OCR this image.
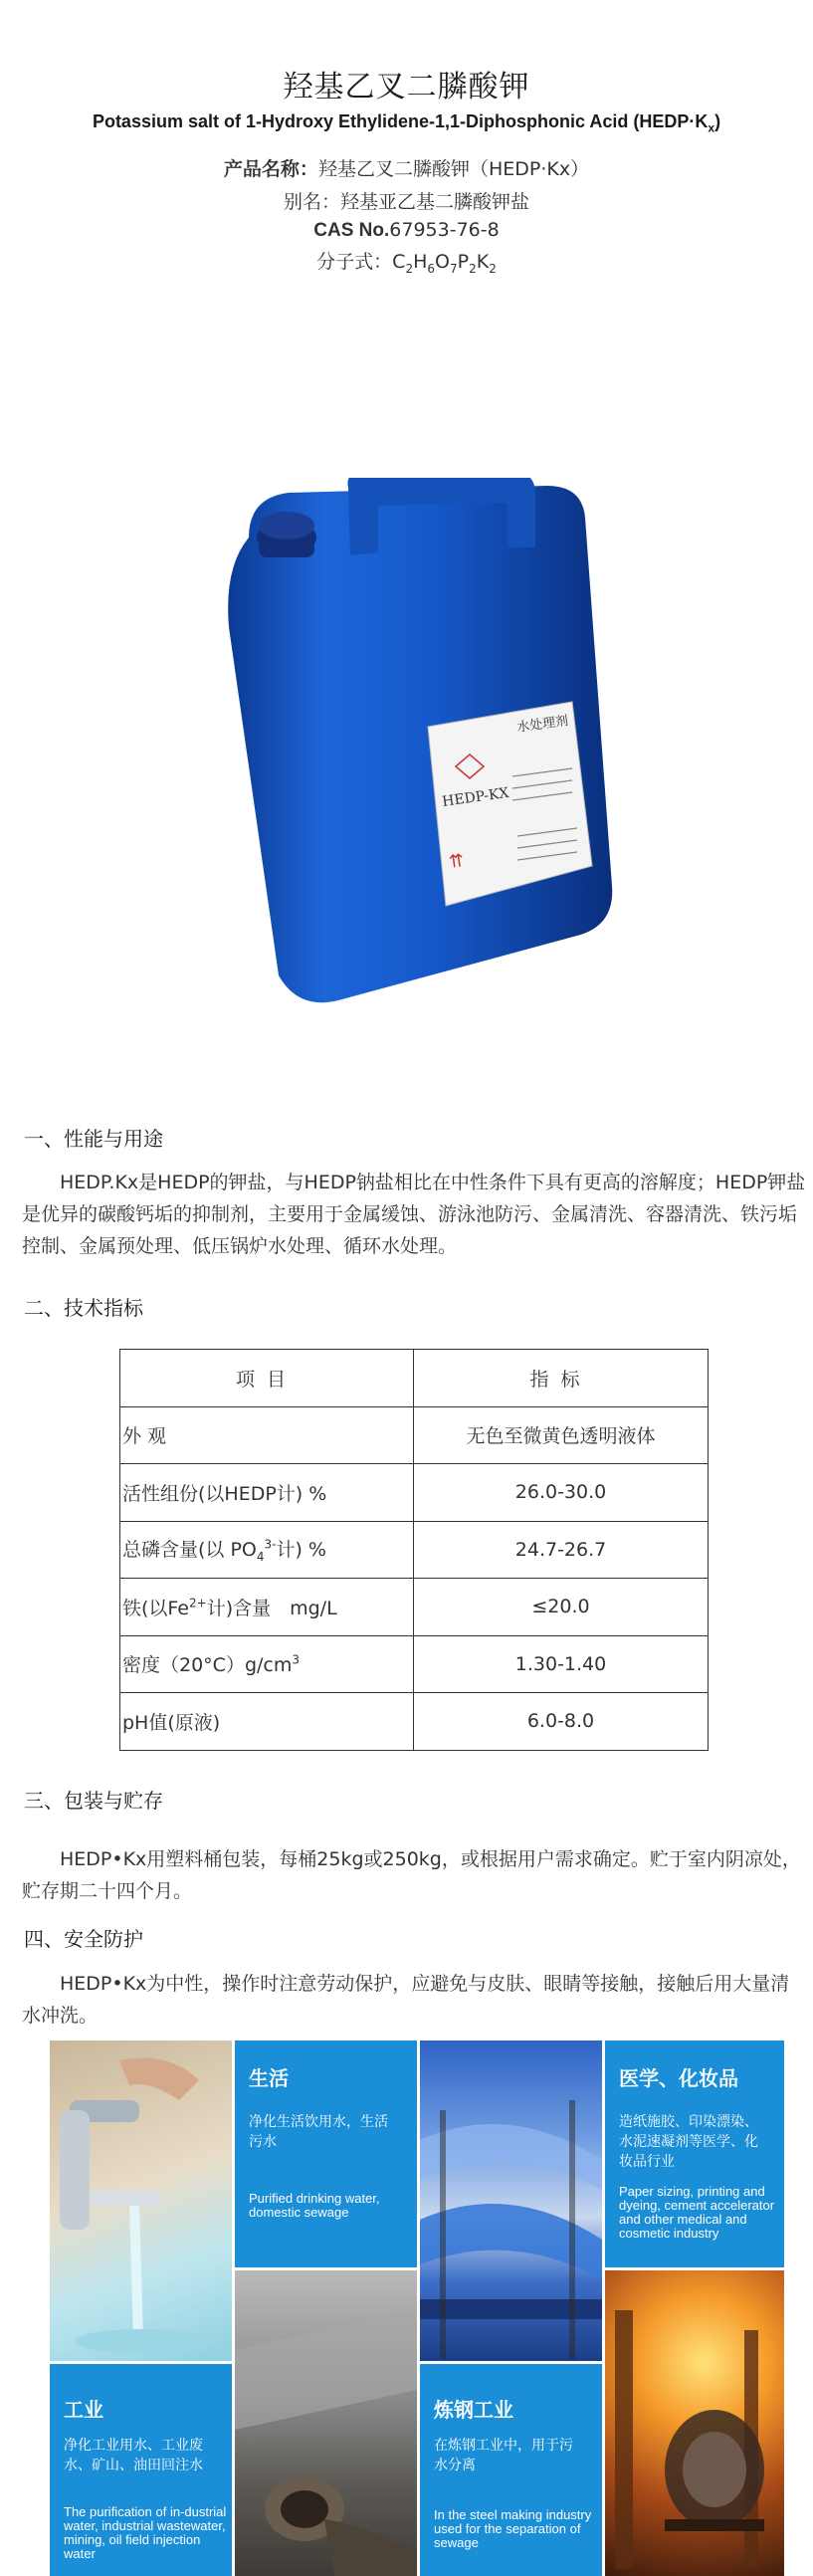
羟基乙叉二膦酸钾
Potassium salt of 1-Hydroxy Ethylidene-1,1-Diphosphonic Acid $(HEDP\cdot K_x)$
产品名称：羟基乙叉二膦酸钾（HEDP·Kx）
别名：羟基亚乙基二膦酸钾盐
CAS No.67953-76-8
分子式：$C_2H_6O_7P_2K_2$
水处理剂
HEDP-KX
⇈
一、性能与用途
HEDP.Kx是HEDP的钾盐，与HEDP钠盐相比在中性条件下具有更高的溶解度；HEDP钾盐是优异的碳酸钙垢的抑制剂，主要用于金属缓蚀、游泳池防污、金属清洗、容器清洗、铁污垢控制、金属预处理、低压锅炉水处理、循环水处理。
二、技术指标
项目	指标
外 观	无色至微黄色透明液体
活性组份(以HEDP计) %	26.0-30.0
总磷含量(以 $PO_4^{3-}$计) %	24.7-26.7
铁(以$Fe^{2+}$计)含量　mg/L	≤20.0
密度$(20^\circ C)g/cm^3$	1.30-1.40
pH值(原液)	6.0-8.0
三、包装与贮存
HEDP•Kx用塑料桶包装，每桶25kg或250kg，或根据用户需求确定。贮于室内阴凉处，贮存期二十四个月。
四、安全防护
HEDP•Kx为中性，操作时注意劳动保护，应避免与皮肤、眼睛等接触，接触后用大量清水冲洗。
生活
净化生活饮用水，生活污水
Purified drinking water, domestic sewage
医学、化妆品
造纸施胶、印染漂染、水泥速凝剂等医学、化妆品行业
Paper sizing, printing and dyeing, cement accelerator and other medical and cosmetic industry
工业
净化工业用水、工业废水、矿山、油田回注水
The purification of in-dustrial water, industrial wastewater, mining, oil field injection water
炼钢工业
在炼钢工业中，用于污水分离
In the steel making industry used for the separation of sewage
